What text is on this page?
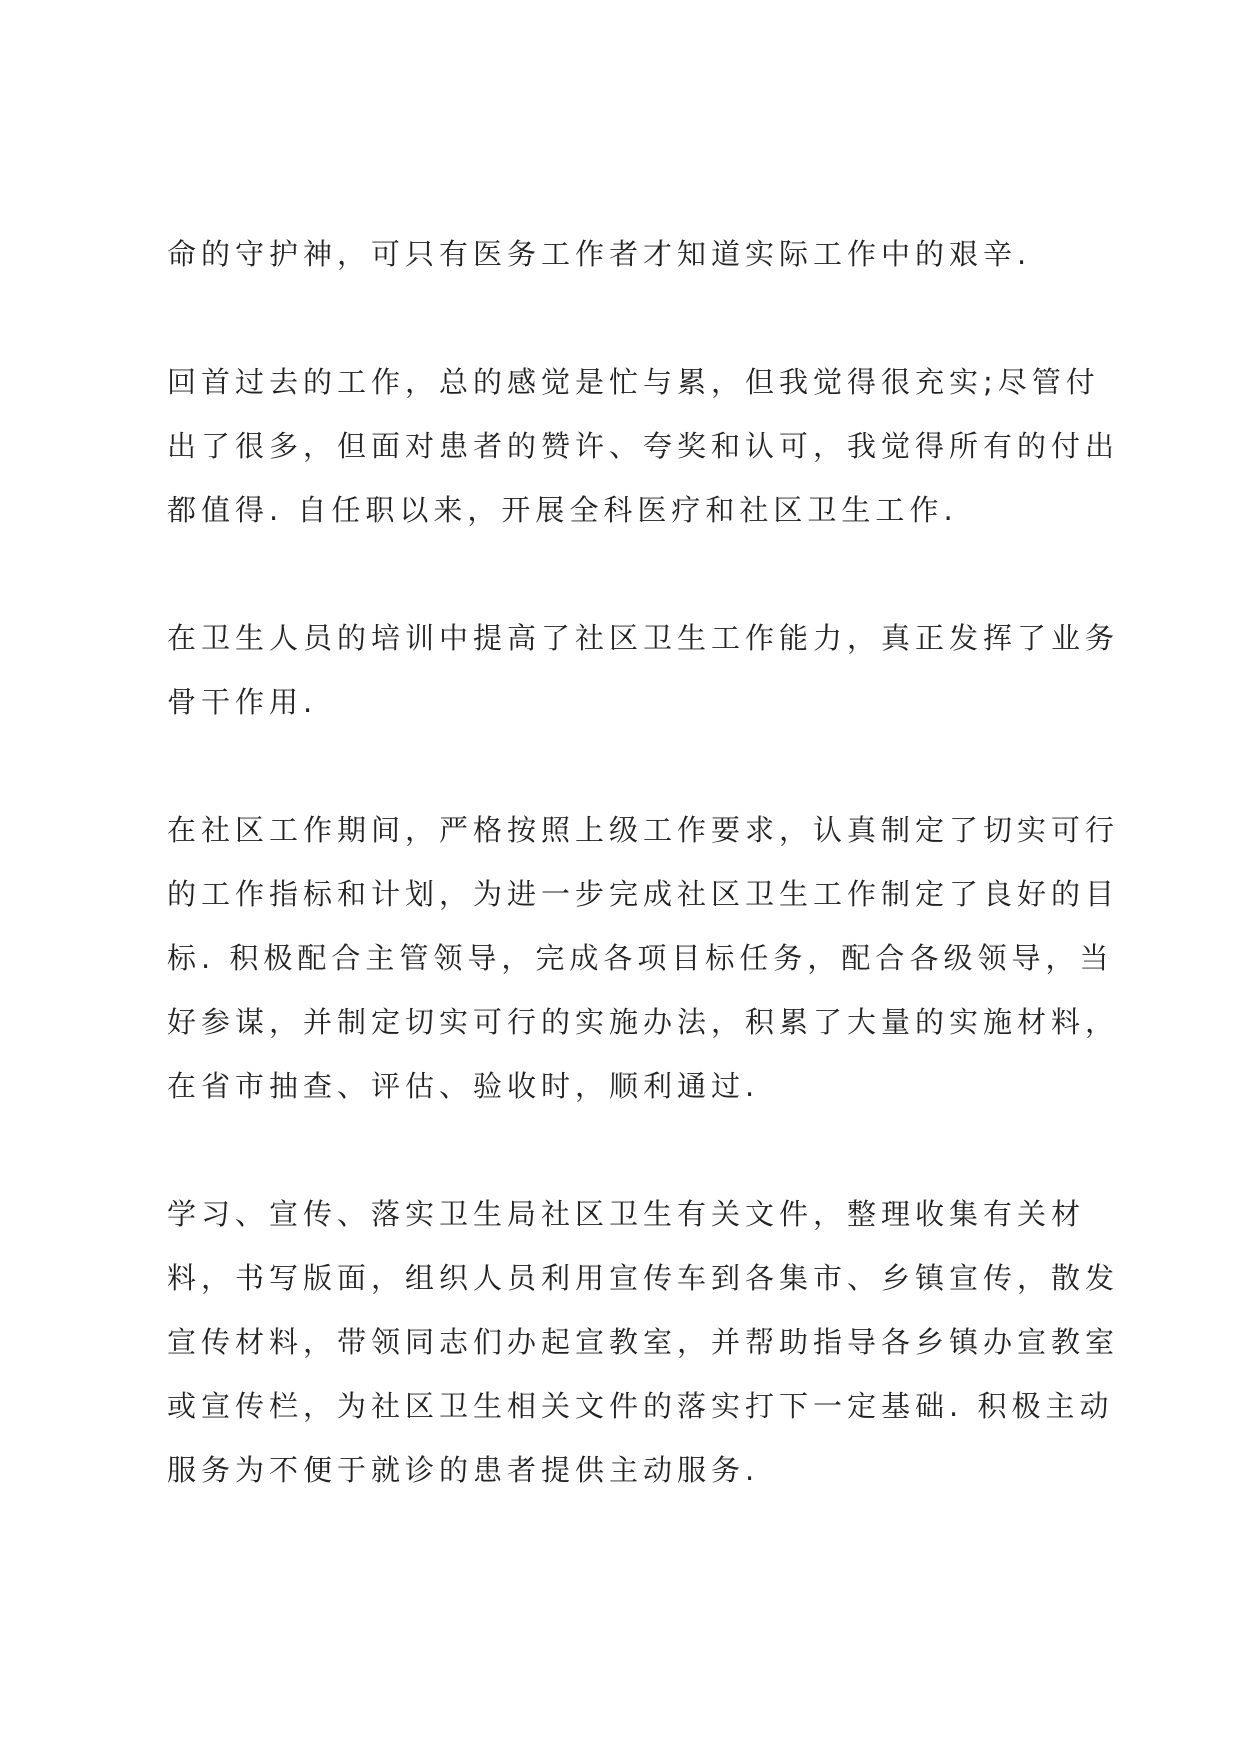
命的守护神，可只有医务工作者才知道实际工作中的艰辛.

回首过去的工作，总的感觉是忙与累，但我觉得很充实;尽管付
出了很多，但面对患者的赞许、夸奖和认可，我觉得所有的付出
都值得. 自任职以来，开展全科医疗和社区卫生工作.

在卫生人员的培训中提高了社区卫生工作能力，真正发挥了业务
骨干作用.

在社区工作期间，严格按照上级工作要求，认真制定了切实可行
的工作指标和计划，为进一步完成社区卫生工作制定了良好的目
标. 积极配合主管领导，完成各项目标任务，配合各级领导，当
好参谋，并制定切实可行的实施办法，积累了大量的实施材料，
在省市抽查、评估、验收时，顺利通过.

学习、宣传、落实卫生局社区卫生有关文件，整理收集有关材
料，书写版面，组织人员利用宣传车到各集市、乡镇宣传，散发
宣传材料，带领同志们办起宣教室，并帮助指导各乡镇办宣教室
或宣传栏，为社区卫生相关文件的落实打下一定基础. 积极主动
服务为不便于就诊的患者提供主动服务.
